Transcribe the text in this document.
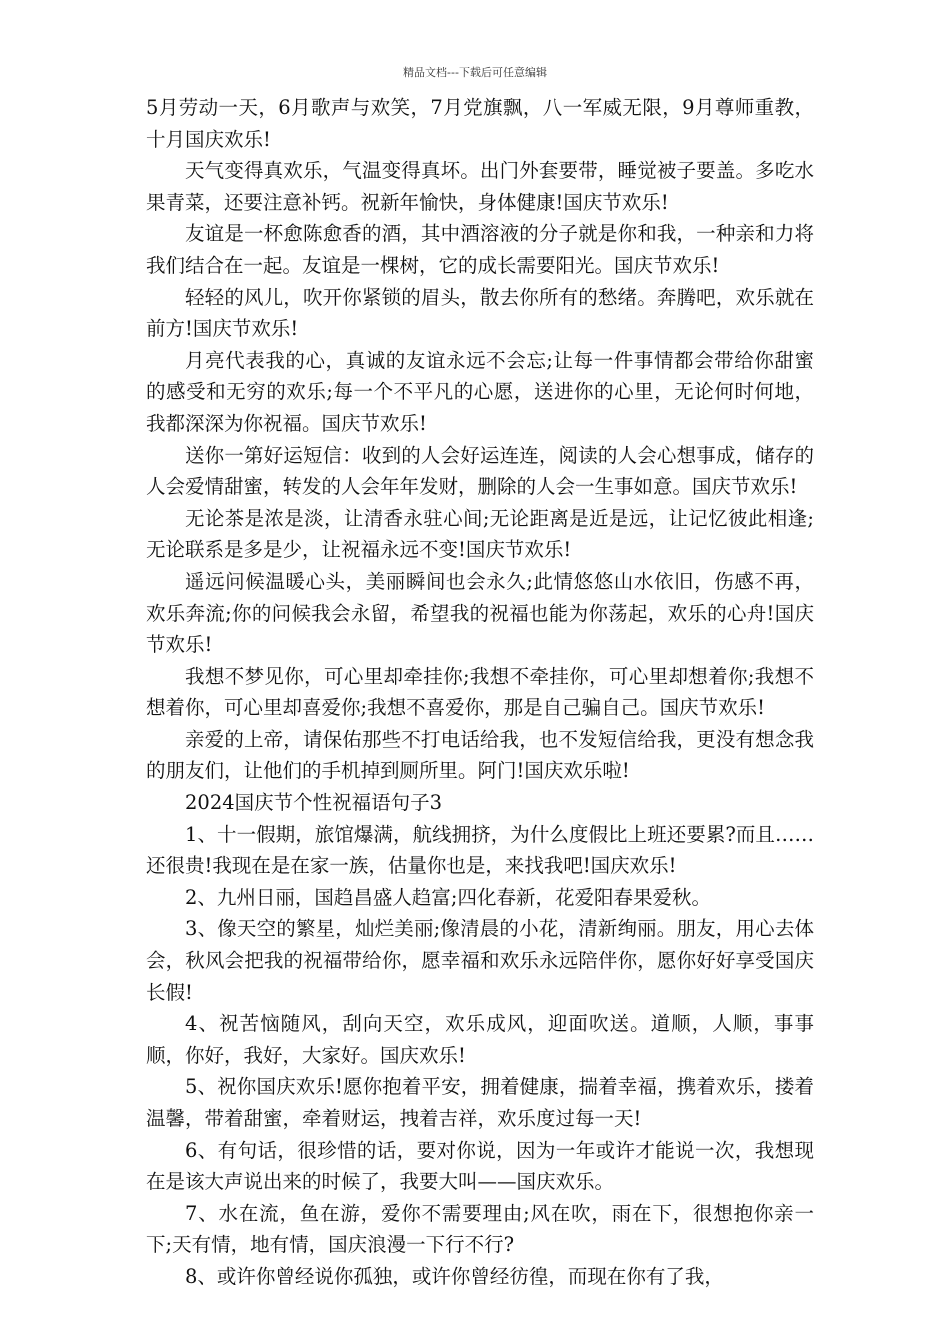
精品文档---下载后可任意编辑

5月劳动一天，6月歌声与欢笑，7月党旗飘，八一军威无限，9月尊师重教，十月国庆欢乐!

天气变得真欢乐，气温变得真坏。出门外套要带，睡觉被子要盖。多吃水果青菜，还要注意补钙。祝新年愉快，身体健康!国庆节欢乐!

友谊是一杯愈陈愈香的酒，其中酒溶液的分子就是你和我，一种亲和力将我们结合在一起。友谊是一棵树，它的成长需要阳光。国庆节欢乐!

轻轻的风儿，吹开你紧锁的眉头，散去你所有的愁绪。奔腾吧，欢乐就在前方!国庆节欢乐!

月亮代表我的心，真诚的友谊永远不会忘;让每一件事情都会带给你甜蜜的感受和无穷的欢乐;每一个不平凡的心愿，送进你的心里，无论何时何地，我都深深为你祝福。国庆节欢乐!

送你一第好运短信：收到的人会好运连连，阅读的人会心想事成，储存的人会爱情甜蜜，转发的人会年年发财，删除的人会一生事如意。国庆节欢乐!

无论茶是浓是淡，让清香永驻心间;无论距离是近是远，让记忆彼此相逢;无论联系是多是少，让祝福永远不变!国庆节欢乐!

遥远问候温暖心头，美丽瞬间也会永久;此情悠悠山水依旧，伤感不再，欢乐奔流;你的问候我会永留，希望我的祝福也能为你荡起，欢乐的心舟!国庆节欢乐!

我想不梦见你，可心里却牵挂你;我想不牵挂你，可心里却想着你;我想不想着你，可心里却喜爱你;我想不喜爱你，那是自己骗自己。国庆节欢乐!

亲爱的上帝，请保佑那些不打电话给我，也不发短信给我，更没有想念我的朋友们，让他们的手机掉到厕所里。阿门!国庆欢乐啦!

2024国庆节个性祝福语句子3

1、十一假期，旅馆爆满，航线拥挤，为什么度假比上班还要累?而且……还很贵!我现在是在家一族，估量你也是，来找我吧!国庆欢乐!

2、九州日丽，国趋昌盛人趋富;四化春新，花爱阳春果爱秋。

3、像天空的繁星，灿烂美丽;像清晨的小花，清新绚丽。朋友，用心去体会，秋风会把我的祝福带给你，愿幸福和欢乐永远陪伴你，愿你好好享受国庆长假!

4、祝苦恼随风，刮向天空，欢乐成风，迎面吹送。道顺，人顺，事事顺，你好，我好，大家好。国庆欢乐!

5、祝你国庆欢乐!愿你抱着平安，拥着健康，揣着幸福，携着欢乐，搂着温馨，带着甜蜜，牵着财运，拽着吉祥，欢乐度过每一天!

6、有句话，很珍惜的话，要对你说，因为一年或许才能说一次，我想现在是该大声说出来的时候了，我要大叫——国庆欢乐。

7、水在流，鱼在游，爱你不需要理由;风在吹，雨在下，很想抱你亲一下;天有情，地有情，国庆浪漫一下行不行?

8、或许你曾经说你孤独，或许你曾经彷徨，而现在你有了我，
